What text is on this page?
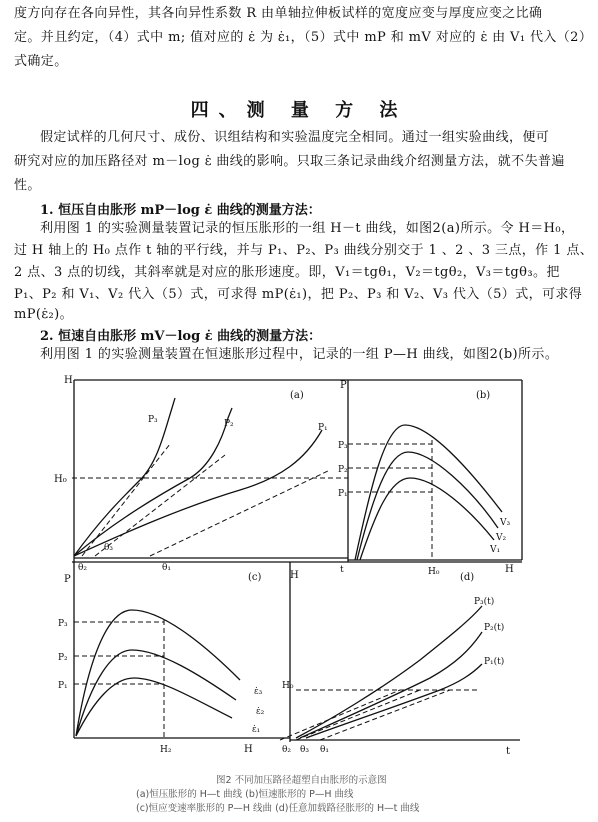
度方向存在各向异性，其各向异性系数 R 由单轴拉伸板试样的宽度应变与厚度应变之比确
定。并且约定，（4）式中 m; 值对应的 ε̇ 为 ε̇₁，（5）式中 mP 和 mV 对应的 ε̇ 由 V₁ 代入（2）
式确定。
四、测 量 方 法
假定试样的几何尺寸、成份、识组结构和实验温度完全相同。通过一组实验曲线，便可
研究对应的加压路径对 m－log ε̇ 曲线的影响。只取三条记录曲线介绍测量方法，就不失普遍
性。
1. 恒压自由胀形 mP－log ε̇ 曲线的测量方法：
利用图 1 的实验测量装置记录的恒压胀形的一组 H－t 曲线，如图2(a)所示。令 H＝H₀，
过 H 轴上的 H₀ 点作 t 轴的平行线，并与 P₁、P₂、P₃ 曲线分别交于 1 、2 、3 三点，作 1 点、
2 点、3 点的切线，其斜率就是对应的胀形速度。即，V₁＝tgθ₁，V₂＝tgθ₂，V₃＝tgθ₃。把
P₁、P₂ 和 V₁、V₂ 代入（5）式，可求得 mP(ε̇₁)，把 P₂、P₃ 和 V₂、V₃ 代入（5）式，可求得
mP(ε̇₂)。
2. 恒速自由胀形 mV－log ε̇ 曲线的测量方法：
利用图 1 的实验测量装置在恒速胀形过程中，记录的一组 P—H 曲线，如图2(b)所示。
H
(a)
H₀
P₃	P₂	P₁
θ₂
θ₃
θ₁
P
(b)
P₃
P₂
P₁
V₃
V₂
V₁
t	H₀	H
P	(c)
P₃
P₂
P₁
ε̇₃
ε̇₂
ε̇₁
H₂	H
H	(d)
H₀
P₃(t)
P₂(t)
P₁(t)
θ₂ θ₃ θ₁	t
图2 不同加压路径超塑自由胀形的示意图
(a)恒压胀形的 H—t 曲线 (b)恒速胀形的 P—H 曲线
(c)恒应变速率胀形的 P—H 线曲 (d)任意加载路径胀形的 H—t 曲线
